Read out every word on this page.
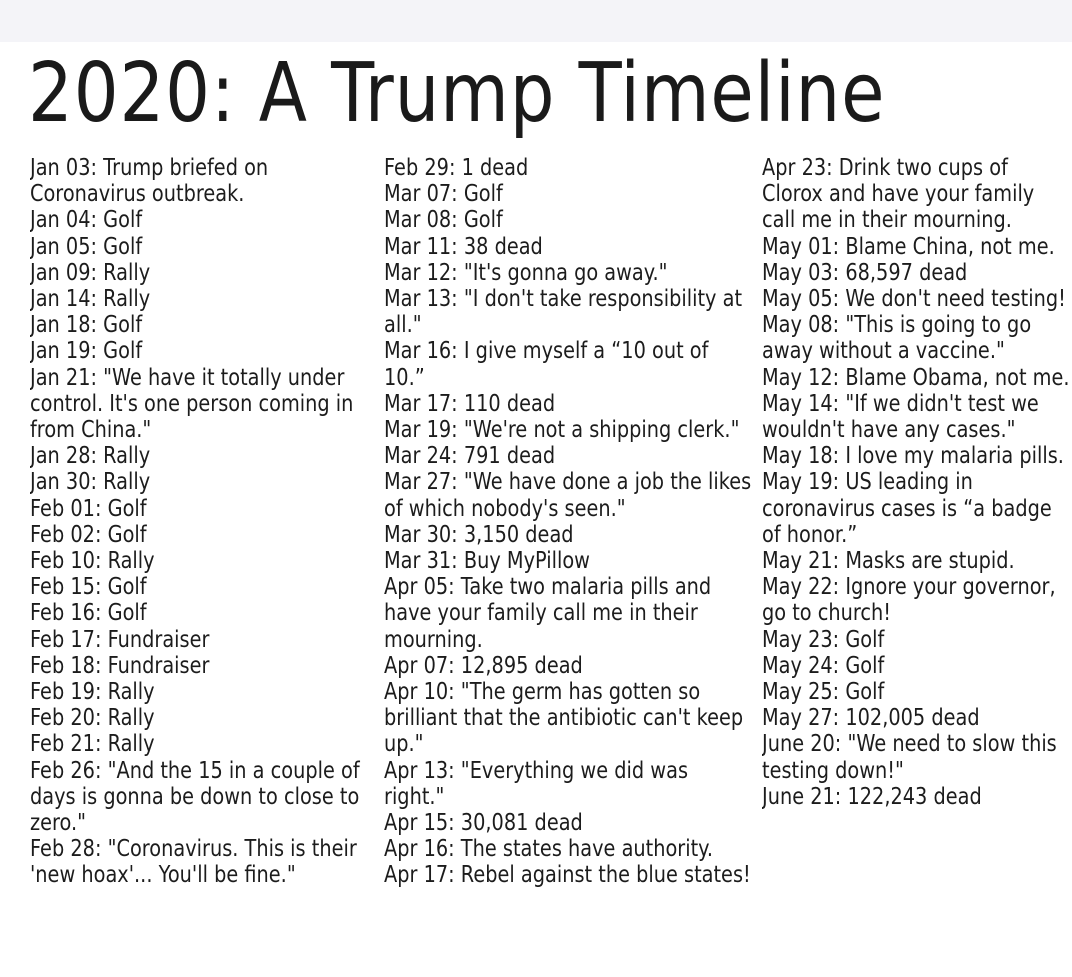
2020: A Trump Timeline
Jan 03 : Trump briefed on Coronavirus outbreak.
Jan 04 : Golf
Jan 05 : Golf
Jan 09 : Rally
Jan 14 : Rally
Jan 18 : Golf
Jan 19 : Golf
Jan 21 : "We have it totally under control. It's one person coming in from China."
Jan 28 : Rally
Jan 30 : Rally
Feb 01 : Golf
Feb 02 : Golf
Feb 10 : Rally
Feb 15 : Golf
Feb 16 : Golf
Feb 17 : Fundraiser
Feb 18 : Fundraiser
Feb 19 : Rally
Feb 20 : Rally
Feb 21 : Rally
Feb 26 : "And the 15 in a couple of days is gonna be down to close to zero."
Feb 28 : "Coronavirus. This is their 'new hoax'... You'll be fine."
Feb 29 : 1 dead
Mar 07 : Golf
Mar 08 : Golf
Mar 11 : 38 dead
Mar 12 : "It's gonna go away."
Mar 13 : "I don't take responsibility at all."
Mar 16 : I give myself a “10 out of 10.”
Mar 17 : 110 dead
Mar 19 : "We're not a shipping clerk."
Mar 24 : 791 dead
Mar 27 : "We have done a job the likes of which nobody's seen."
Mar 30 : 3,150 dead
Mar 31 : Buy MyPillow
Apr 05 : Take two malaria pills and have your family call me in their mourning.
Apr 07 : 12,895 dead
Apr 10 : "The germ has gotten so brilliant that the antibiotic can't keep up."
Apr 13 : "Everything we did was right."
Apr 15 : 30,081 dead
Apr 16 : The states have authority.
Apr 17 : Rebel against the blue states!
Apr 23 : Drink two cups of Clorox and have your family call me in their mourning.
May 01 : Blame China, not me.
May 03 : 68,597 dead
May 05 : We don't need testing!
May 08 : "This is going to go away without a vaccine."
May 12 : Blame Obama, not me.
May 14 : "If we didn't test we wouldn't have any cases."
May 18 : I love my malaria pills.
May 19 : US leading in coronavirus cases is “a badge of honor.”
May 21 : Masks are stupid.
May 22 : Ignore your governor, go to church!
May 23 : Golf
May 24 : Golf
May 25 : Golf
May 27 : 102,005 dead
June 20 : "We need to slow this testing down!"
June 21 : 122,243 dead
